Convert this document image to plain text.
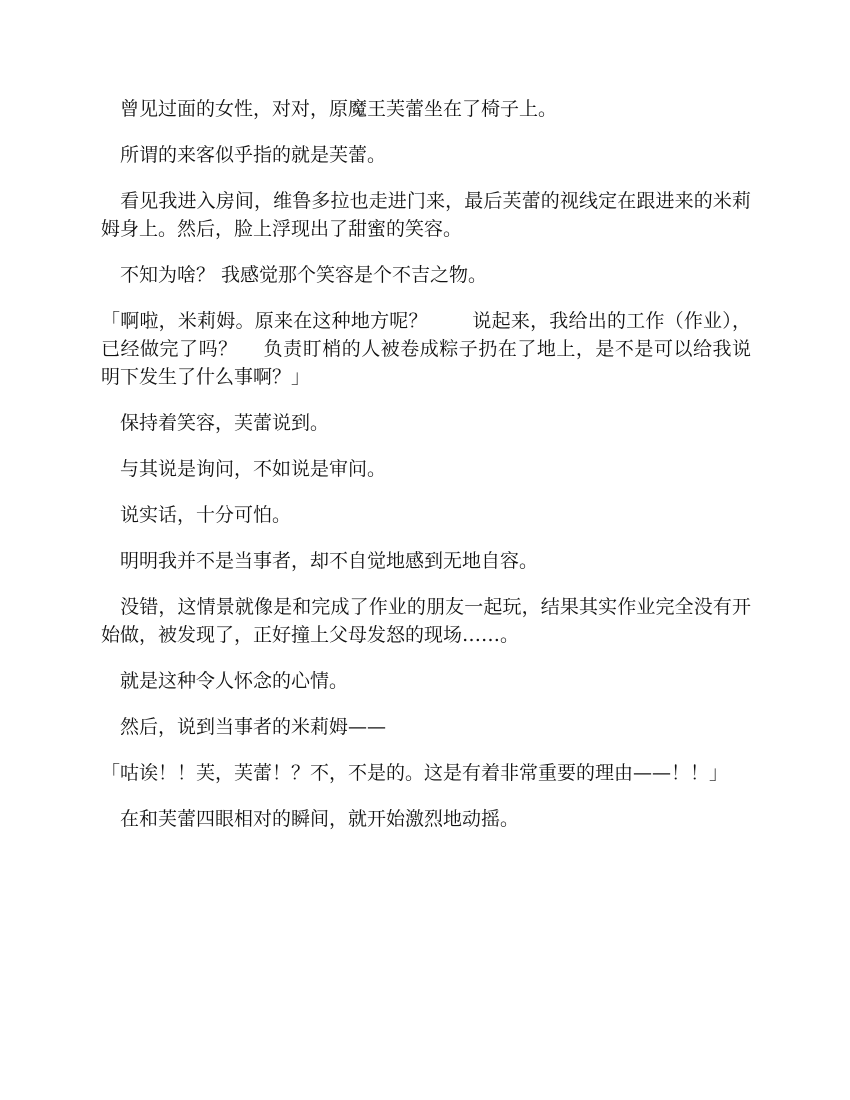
　曾见过面的女性，对对，原魔王芙蕾坐在了椅子上。

　所谓的来客似乎指的就是芙蕾。

　看见我进入房间，维鲁多拉也走进门来，最后芙蕾的视线定在跟进来的米莉姆身上。然后，脸上浮现出了甜蜜的笑容。

　不知为啥？ 我感觉那个笑容是个不吉之物。

「啊啦，米莉姆。原来在这种地方呢？　　 说起来，我给出的工作（作业），已经做完了吗？　 负责盯梢的人被卷成粽子扔在了地上，是不是可以给我说明下发生了什么事啊？」

　保持着笑容，芙蕾说到。

　与其说是询问，不如说是审问。

　说实话，十分可怕。

　明明我并不是当事者，却不自觉地感到无地自容。

　没错，这情景就像是和完成了作业的朋友一起玩，结果其实作业完全没有开始做，被发现了，正好撞上父母发怒的现场……。

　就是这种令人怀念的心情。

　然后，说到当事者的米莉姆——

「咕诶！！芙，芙蕾！？不，不是的。这是有着非常重要的理由——！！」

　在和芙蕾四眼相对的瞬间，就开始激烈地动摇。
